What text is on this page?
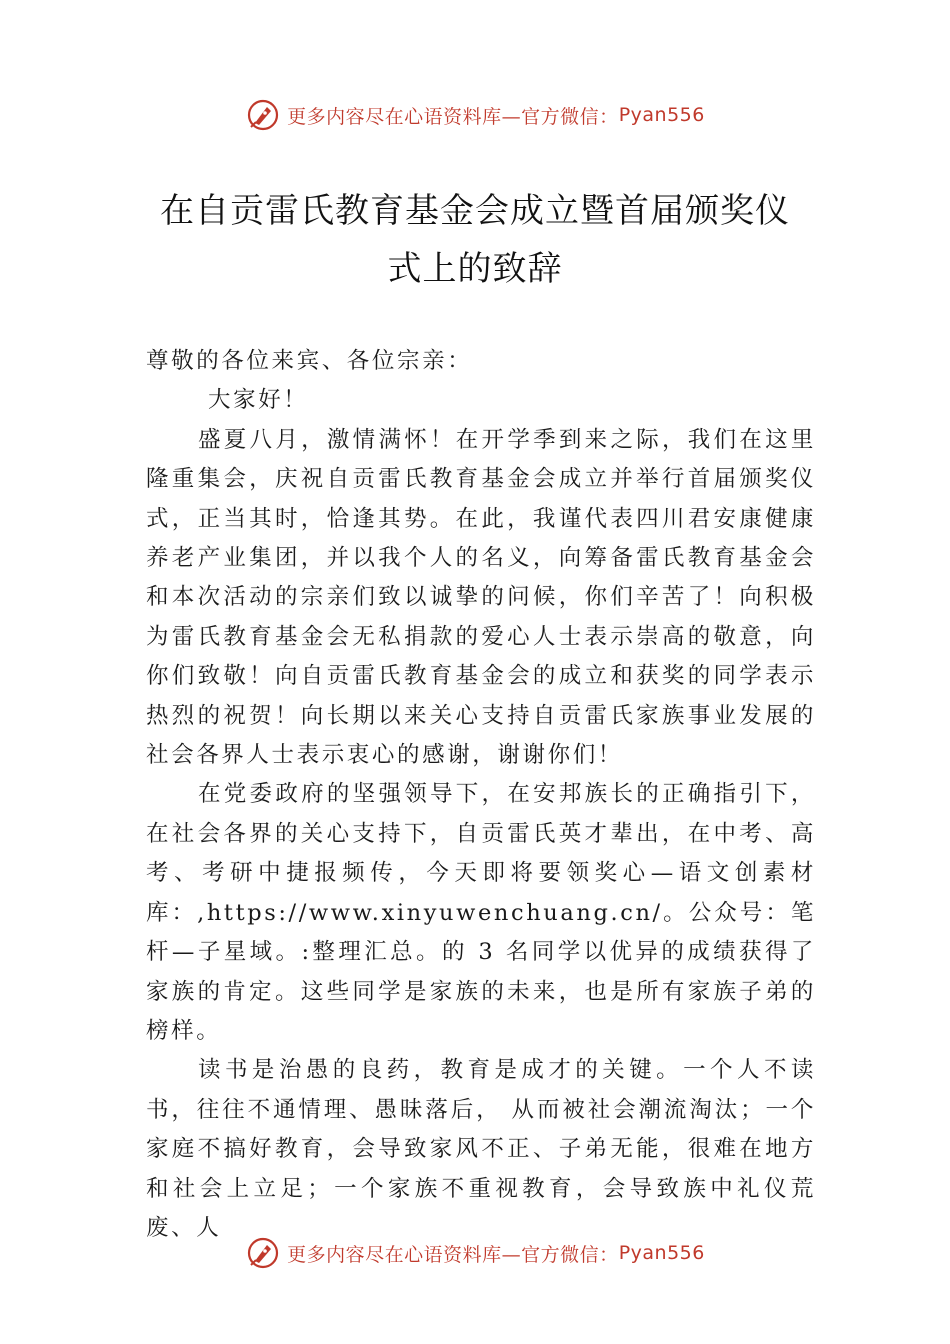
更多内容尽在心语资料库 —官方微信： Pyan556
在自贡雷氏教育基金会成立暨首届颁奖仪
式上的致辞

尊敬的各位来宾、各位宗亲：

大家好！

盛夏八月，激情满怀！在开学季到来之际，我们在这里隆重集会，庆祝自贡雷氏教育基金会成立并举行首届颁奖仪式，正当其时，恰逢其势。在此，我谨代表四川君安康健康养老产业集团，并以我个人的名义，向筹备雷氏教育基金会和本次活动的宗亲们致以诚挚的问候，你们辛苦了！向积极为雷氏教育基金会无私捐款的爱心人士表示崇高的敬意，向你们致敬！向自贡雷氏教育基金会的成立和获奖的同学表示热烈的祝贺！向长期以来关心支持自贡雷氏家族事业发展的社会各界人士表示衷心的感谢，谢谢你们！

在党委政府的坚强领导下，在安邦族长的正确指引下，在社会各界的关心支持下，自贡雷氏英才辈出，在中考、高考、考研中捷报频传，今天即将要领奖心—语文创素材库：,https://www.xinyuwenchuang.cn/。公众号：笔杆—子星域。:整理汇总。的 3 名同学以优异的成绩获得了家族的肯定。这些同学是家族的未来，也是所有家族子弟的榜样。

读书是治愚的良药，教育是成才的关键。一个人不读书，往往不通情理、愚昧落后， 从而被社会潮流淘汰；一个家庭不搞好教育，会导致家风不正、子弟无能，很难在地方和社会上立足；一个家族不重视教育，会导致族中礼仪荒废、人

更多内容尽在心语资料库 —官方微信： Pyan556
